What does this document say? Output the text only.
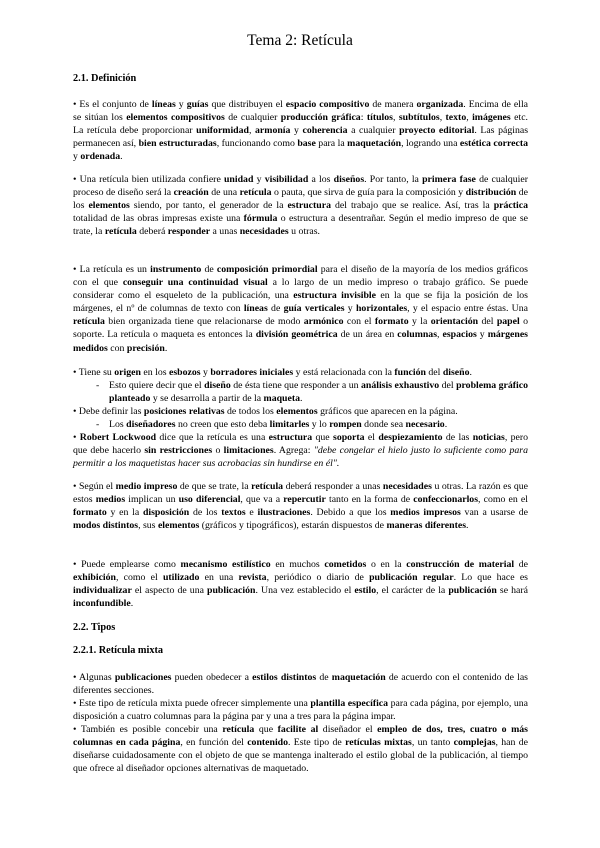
Tema 2: Retícula
2.1. Definición

• Es el conjunto de líneas y guías que distribuyen el espacio compositivo de manera organizada. Encima de ella se sitúan los elementos compositivos de cualquier producción gráfica: títulos, subtítulos, texto, imágenes etc. La retícula debe proporcionar uniformidad, armonía y coherencia a cualquier proyecto editorial. Las páginas permanecen así, bien estructuradas, funcionando como base para la maquetación, logrando una estética correcta y ordenada.

• Una retícula bien utilizada confiere unidad y visibilidad a los diseños. Por tanto, la primera fase de cualquier proceso de diseño será la creación de una retícula o pauta, que sirva de guía para la composición y distribución de los elementos siendo, por tanto, el generador de la estructura del trabajo que se realice. Así, tras la práctica totalidad de las obras impresas existe una fórmula o estructura a desentrañar. Según el medio impreso de que se trate, la retícula deberá responder a unas necesidades u otras.

• La retícula es un instrumento de composición primordial para el diseño de la mayoría de los medios gráficos con el que conseguir una continuidad visual a lo largo de un medio impreso o trabajo gráfico. Se puede considerar como el esqueleto de la publicación, una estructura invisible en la que se fija la posición de los márgenes, el nº de columnas de texto con líneas de guía verticales y horizontales, y el espacio entre éstas. Una retícula bien organizada tiene que relacionarse de modo armónico con el formato y la orientación del papel o soporte. La retícula o maqueta es entonces la división geométrica de un área en columnas, espacios y márgenes medidos con precisión.

• Tiene su origen en los esbozos y borradores iniciales y está relacionada con la función del diseño.

- Esto quiere decir que el diseño de ésta tiene que responder a un análisis exhaustivo del problema gráfico planteado y se desarrolla a partir de la maqueta.

• Debe definir las posiciones relativas de todos los elementos gráficos que aparecen en la página.

- Los diseñadores no creen que esto deba limitarles y lo rompen donde sea necesario.

• Robert Lockwood dice que la retícula es una estructura que soporta el despiezamiento de las noticias, pero que debe hacerlo sin restricciones o limitaciones. Agrega: "debe congelar el hielo justo lo suficiente como para permitir a los maquetistas hacer sus acrobacias sin hundirse en él".

• Según el medio impreso de que se trate, la retícula deberá responder a unas necesidades u otras. La razón es que estos medios implican un uso diferencial, que va a repercutir tanto en la forma de confeccionarlos, como en el formato y en la disposición de los textos e ilustraciones. Debido a que los medios impresos van a usarse de modos distintos, sus elementos (gráficos y tipográficos), estarán dispuestos de maneras diferentes.

• Puede emplearse como mecanismo estilístico en muchos cometidos o en la construcción de material de exhibición, como el utilizado en una revista, periódico o diario de publicación regular. Lo que hace es individualizar el aspecto de una publicación. Una vez establecido el estilo, el carácter de la publicación se hará inconfundible.

2.2. Tipos
2.2.1. Retícula mixta

• Algunas publicaciones pueden obedecer a estilos distintos de maquetación de acuerdo con el contenido de las diferentes secciones.

• Este tipo de retícula mixta puede ofrecer simplemente una plantilla específica para cada página, por ejemplo, una disposición a cuatro columnas para la página par y una a tres para la página impar.

• También es posible concebir una retícula que facilite al diseñador el empleo de dos, tres, cuatro o más columnas en cada página, en función del contenido. Este tipo de retículas mixtas, un tanto complejas, han de diseñarse cuidadosamente con el objeto de que se mantenga inalterado el estilo global de la publicación, al tiempo que ofrece al diseñador opciones alternativas de maquetado.
